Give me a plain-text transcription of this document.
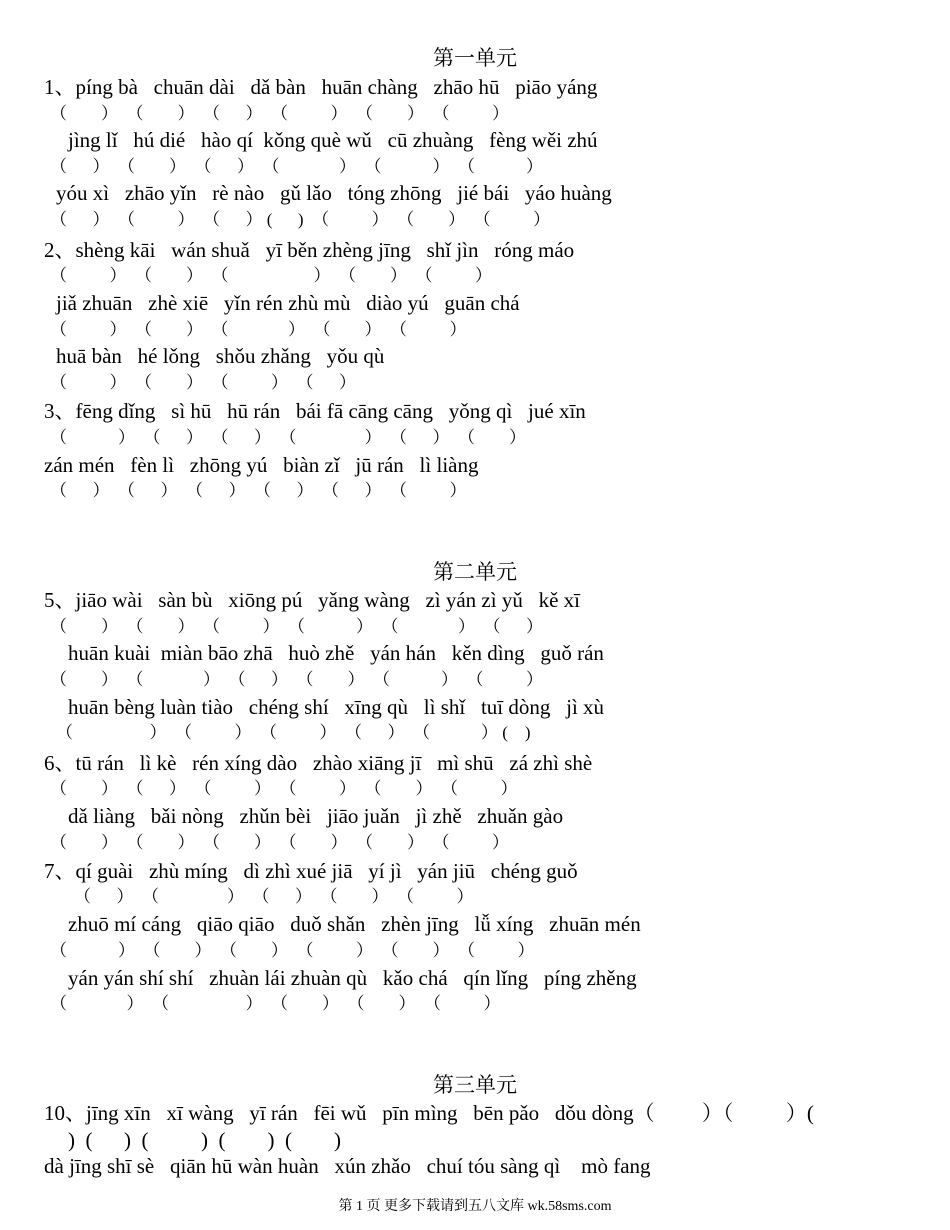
第一单元
1、píng bà   chuān dài   dǎ bàn   huān chàng   zhāo hū   piāo yáng
（        ）  （        ）  （      ）  （          ）  （        ）  （          ）
jìng lǐ   hú dié   hào qí  kǒng què wǔ   cū zhuàng   fèng wěi zhú
（      ）  （        ）  （      ）  （              ）  （            ）  （            ）
yóu xì   zhāo yǐn   rè nào   gǔ lǎo   tóng zhōng   jié bái   yáo huàng
（      ）  （          ）  （      ） (      )  （          ）  （        ）  （          ）
2、shèng kāi   wán shuǎ   yī běn zhèng jīng   shǐ jìn   róng máo
（          ）  （        ）  （                    ）  （        ）  （          ）
jiǎ zhuān   zhè xiē   yǐn rén zhù mù   diào yú   guān chá
（          ）  （        ）  （              ）  （        ）  （          ）
huā bàn   hé lǒng   shǒu zhǎng   yǒu qù
（          ）  （        ）  （          ）  （      ）
3、fēng dǐng   sì hū   hū rán   bái fā cāng cāng   yǒng qì   jué xīn
（            ）  （      ）  （      ）  （                ）  （      ）  （        ）
zán mén   fèn lì   zhōng yú   biàn zǐ   jū rán   lì liàng
（      ）  （      ）  （      ）  （      ）  （      ）  （          ）
第二单元
5、jiāo wài   sàn bù   xiōng pú   yǎng wàng   zì yán zì yǔ   kě xī
（        ）  （        ）  （          ）  （            ）  （              ）  （      ）
huān kuài  miàn bāo zhā   huò zhě   yán hán   kěn dìng   guǒ rán
（        ）  （              ）  （      ）  （        ）  （            ）  （          ）
huān bèng luàn tiào   chéng shí   xīng qù   lì shǐ   tuī dòng   jì xù
（                  ）  （          ）  （          ）  （      ）  （            ） (    )
6、tū rán   lì kè   rén xíng dào   zhào xiāng jī   mì shū   zá zhì shè
（        ）  （      ）  （          ）  （          ）  （        ）  （          ）
dǎ liàng   bǎi nòng   zhǔn bèi   jiāo juǎn   jì zhě   zhuǎn gào
（        ）  （        ）  （        ）  （        ）  （        ）  （          ）
7、qí guài   zhù míng   dì zhì xué jiā   yí jì   yán jiū   chéng guǒ
（      ）  （                ）  （      ）  （        ）  （          ）
zhuō mí cáng   qiāo qiāo   duǒ shǎn   zhèn jīng   lǚ xíng   zhuān mén
（            ）  （        ）  （        ）  （          ）  （        ）  （          ）
yán yán shí shí   zhuàn lái zhuàn qù   kǎo chá   qín lǐng   píng zhěng
（              ）  （                  ）  （        ）  （        ）  （          ）
第三单元
10、jīng xīn   xī wàng   yī rán   fēi wǔ   pīn mìng   bēn pǎo   dǒu dòng（         ）（          ）(
)  (      )  (          )  (        )  (        )
dà jīng shī sè   qiān hū wàn huàn   xún zhǎo   chuí tóu sàng qì    mò fang
第 1 页 更多下载请到五八文库 wk.58sms.com
